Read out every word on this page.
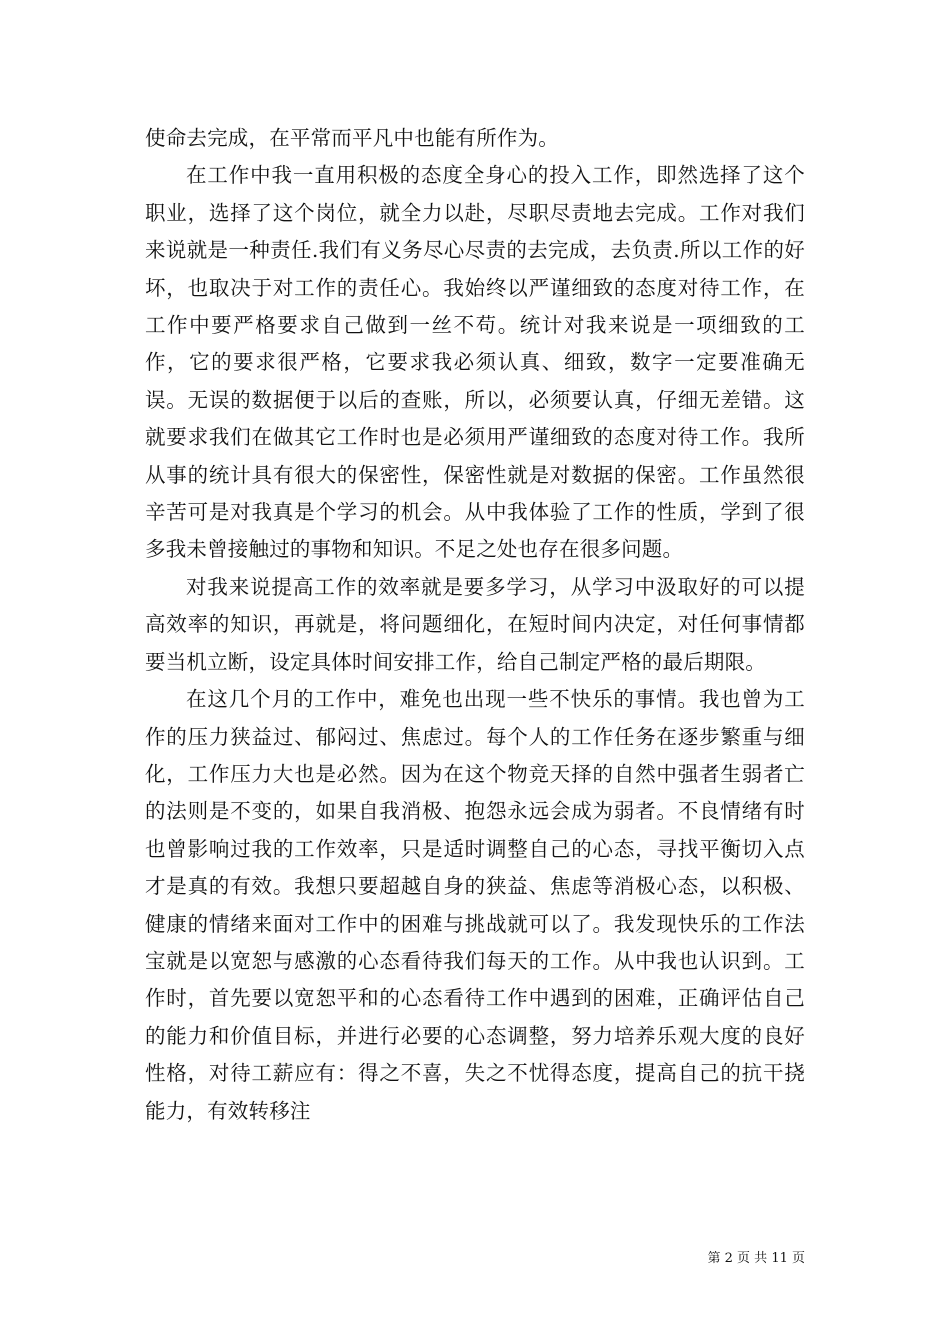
使命去完成，在平常而平凡中也能有所作为。

在工作中我一直用积极的态度全身心的投入工作，即然选择了这个职业，选择了这个岗位，就全力以赴，尽职尽责地去完成。工作对我们来说就是一种责任.我们有义务尽心尽责的去完成，去负责.所以工作的好坏，也取决于对工作的责任心。我始终以严谨细致的态度对待工作，在工作中要严格要求自己做到一丝不苟。统计对我来说是一项细致的工作，它的要求很严格，它要求我必须认真、细致，数字一定要准确无误。无误的数据便于以后的查账，所以，必须要认真，仔细无差错。这就要求我们在做其它工作时也是必须用严谨细致的态度对待工作。我所从事的统计具有很大的保密性，保密性就是对数据的保密。工作虽然很辛苦可是对我真是个学习的机会。从中我体验了工作的性质，学到了很多我未曾接触过的事物和知识。不足之处也存在很多问题。

对我来说提高工作的效率就是要多学习，从学习中汲取好的可以提高效率的知识，再就是，将问题细化，在短时间内决定，对任何事情都要当机立断，设定具体时间安排工作，给自己制定严格的最后期限。

在这几个月的工作中，难免也出现一些不快乐的事情。我也曾为工作的压力狭益过、郁闷过、焦虑过。每个人的工作任务在逐步繁重与细化，工作压力大也是必然。因为在这个物竞天择的自然中强者生弱者亡的法则是不变的，如果自我消极、抱怨永远会成为弱者。不良情绪有时也曾影响过我的工作效率，只是适时调整自己的心态，寻找平衡切入点才是真的有效。我想只要超越自身的狭益、焦虑等消极心态，以积极、健康的情绪来面对工作中的困难与挑战就可以了。我发现快乐的工作法宝就是以宽恕与感激的心态看待我们每天的工作。从中我也认识到。工作时，首先要以宽恕平和的心态看待工作中遇到的困难，正确评估自己的能力和价值目标，并进行必要的心态调整，努力培养乐观大度的良好性格，对待工薪应有：得之不喜，失之不忧得态度，提高自己的抗干挠能力，有效转移注

第 2 页 共 11 页
